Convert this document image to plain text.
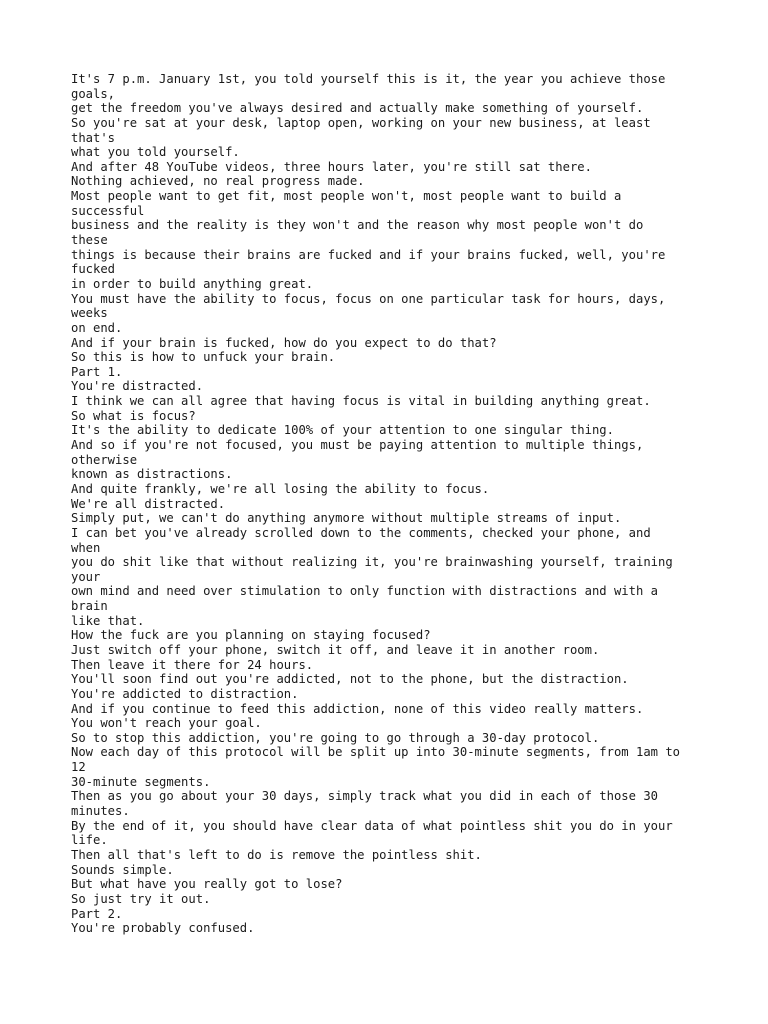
It's 7 p.m. January 1st, you told yourself this is it, the year you achieve those
goals,
get the freedom you've always desired and actually make something of yourself.
So you're sat at your desk, laptop open, working on your new business, at least
that's
what you told yourself.
And after 48 YouTube videos, three hours later, you're still sat there.
Nothing achieved, no real progress made.
Most people want to get fit, most people won't, most people want to build a
successful
business and the reality is they won't and the reason why most people won't do
these
things is because their brains are fucked and if your brains fucked, well, you're
fucked
in order to build anything great.
You must have the ability to focus, focus on one particular task for hours, days,
weeks
on end.
And if your brain is fucked, how do you expect to do that?
So this is how to unfuck your brain.
Part 1.
You're distracted.
I think we can all agree that having focus is vital in building anything great.
So what is focus?
It's the ability to dedicate 100% of your attention to one singular thing.
And so if you're not focused, you must be paying attention to multiple things,
otherwise
known as distractions.
And quite frankly, we're all losing the ability to focus.
We're all distracted.
Simply put, we can't do anything anymore without multiple streams of input.
I can bet you've already scrolled down to the comments, checked your phone, and
when
you do shit like that without realizing it, you're brainwashing yourself, training
your
own mind and need over stimulation to only function with distractions and with a
brain
like that.
How the fuck are you planning on staying focused?
Just switch off your phone, switch it off, and leave it in another room.
Then leave it there for 24 hours.
You'll soon find out you're addicted, not to the phone, but the distraction.
You're addicted to distraction.
And if you continue to feed this addiction, none of this video really matters.
You won't reach your goal.
So to stop this addiction, you're going to go through a 30-day protocol.
Now each day of this protocol will be split up into 30-minute segments, from 1am to
12
30-minute segments.
Then as you go about your 30 days, simply track what you did in each of those 30
minutes.
By the end of it, you should have clear data of what pointless shit you do in your
life.
Then all that's left to do is remove the pointless shit.
Sounds simple.
But what have you really got to lose?
So just try it out.
Part 2.
You're probably confused.
